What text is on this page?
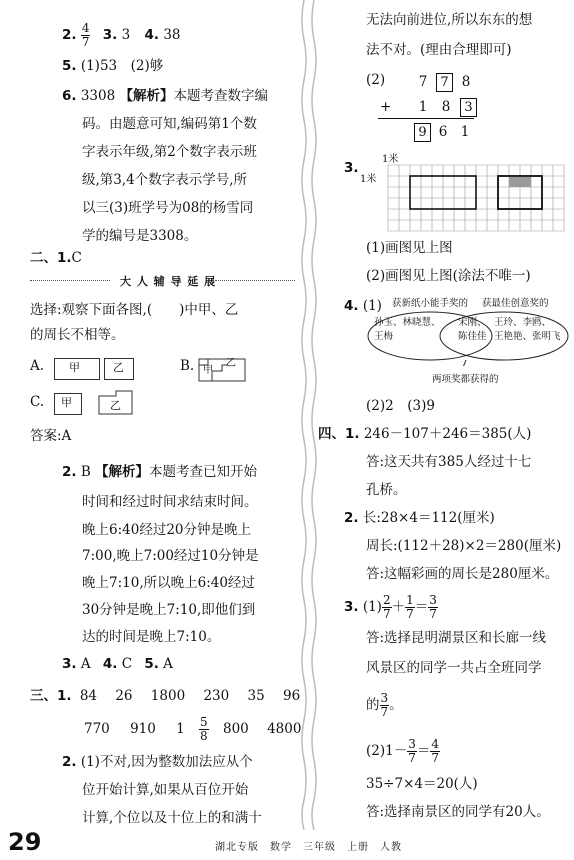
2. $\frac{4}{7} 3$. 3 4. 38
5. (1)53　(2)够
6. 3308 【解析】本题考查数字编
码。由题意可知,编码第1个数
字表示年级,第2个数字表示班
级,第3,4个数字表示学号,所
以三(3)班学号为08的杨雪同
学的编号是3308。
二、1.C
大 人 辅 导 延 展
选择:观察下面各图,(　　)中甲、乙
的周长不相等。
A. 甲	乙	B. 甲
乙
C. 甲	乙
答案:A
2. B 【解析】本题考查已知开始
时间和经过时间求结束时间。
晚上6:40经过20分钟是晚上
7:00,晚上7:00经过10分钟是
晚上7:10,所以晚上6:40经过
30分钟是晚上7:10,即他们到
达的时间是晚上7:10。
3. A 4. C 5. A
三、1. 84 26 1800 230 35 96
770 910 $1 \frac{5}{8} 800$ 4800
2. (1)不对,因为整数加法应从个
位开始计算,如果从百位开始
计算,个位以及十位上的和满十
无法向前进位,所以东东的想
法不对。(理由合理即可)
(2)	7 7 8
+	1 8 3
9 6 1
3.
1米
1米
(1)画图见上图
(2)画图见上图(涂法不唯一)
4. (1) 获新纸小能手奖的 获最佳创意奖的
孙玉、林晓慧、
王梅
宋刚、
陈佳佳
王玲、李鸥、
王艳艳、张明飞
两项奖都获得的
(2)2　(3)9
四、1. 246－107＋246＝385(人)
答:这天共有385人经过十七
孔桥。
2. 长:28×4＝112(厘米)
周长:(112＋28)×2＝280(厘米)
答:这幅彩画的周长是280厘米。
3. $(1) \frac{2}{7} + \frac{1}{7} = \frac{3}{7}$
答:选择昆明湖景区和长廊一线
风景区的同学一共占全班同学
的 $\frac{3}{7}$ 。
$(2)1- \frac{3}{7} = \frac{4}{7}$
35÷7×4＝20(人)
答:选择南景区的同学有20人。
29	湖北专版　数学　三年级　上册　人教
